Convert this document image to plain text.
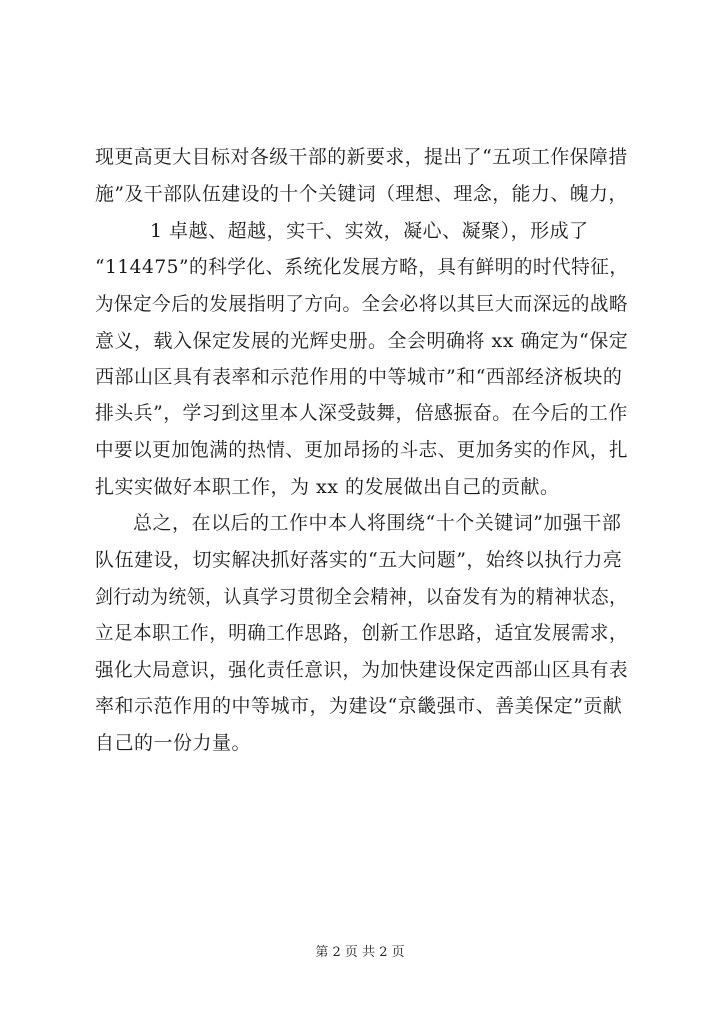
现更高更大目标对各级干部的新要求，提出了“五项工作保障措
施”及干部队伍建设的十个关键词（理想、理念，能力、魄力，
1 卓越、超越，实干、实效，凝心、凝聚），形成了
“114475”的科学化、系统化发展方略，具有鲜明的时代特征，
为保定今后的发展指明了方向。全会必将以其巨大而深远的战略
意义，载入保定发展的光辉史册。全会明确将 xx 确定为“保定
西部山区具有表率和示范作用的中等城市”和“西部经济板块的
排头兵”，学习到这里本人深受鼓舞，倍感振奋。在今后的工作
中要以更加饱满的热情、更加昂扬的斗志、更加务实的作风，扎
扎实实做好本职工作，为 xx 的发展做出自己的贡献。
总之，在以后的工作中本人将围绕“十个关键词”加强干部
队伍建设，切实解决抓好落实的“五大问题”，始终以执行力亮
剑行动为统领，认真学习贯彻全会精神，以奋发有为的精神状态，
立足本职工作，明确工作思路，创新工作思路，适宜发展需求，
强化大局意识，强化责任意识，为加快建设保定西部山区具有表
率和示范作用的中等城市，为建设“京畿强市、善美保定”贡献
自己的一份力量。
第 2 页 共 2 页
